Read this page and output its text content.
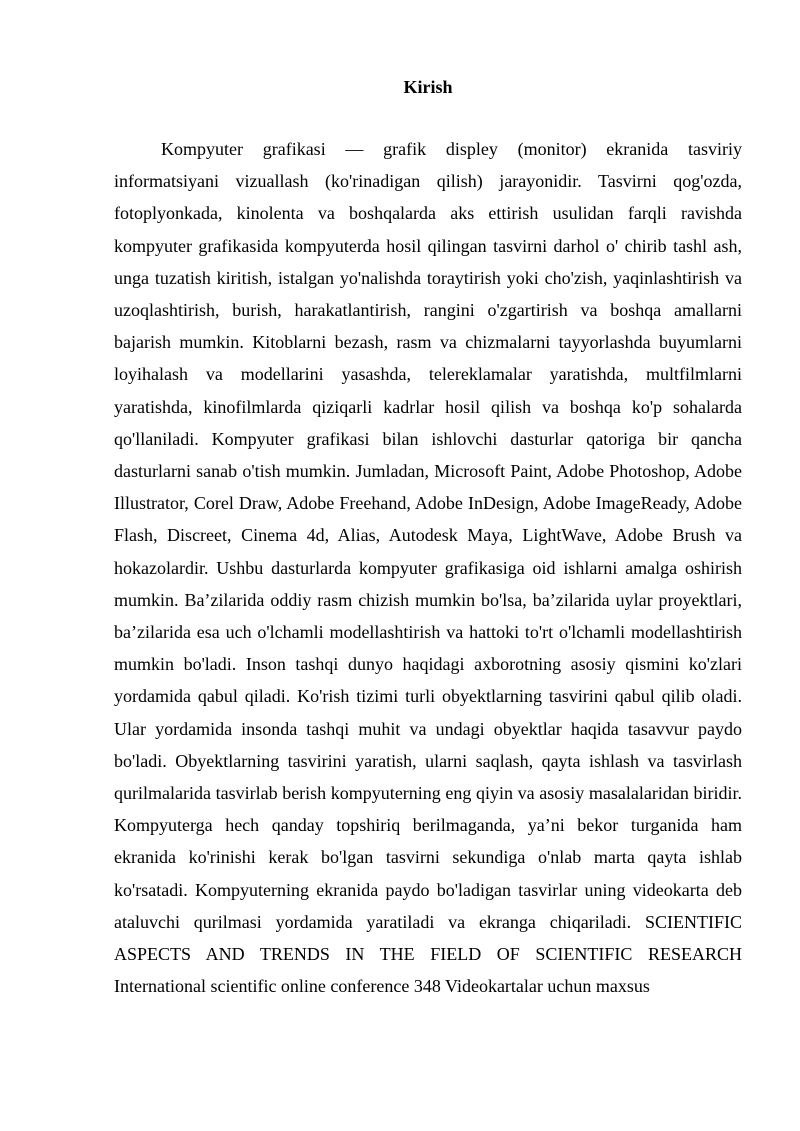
Kirish

Kompyuter grafikasi — grafik displey (monitor) ekranida tasviriy informatsiyani vizuallash (ko'rinadigan qilish) jarayonidir. Tasvirni qog'ozda, fotoplyonkada, kinolenta va boshqalarda aks ettirish usulidan farqli ravishda kompyuter grafikasida kompyuterda hosil qilingan tasvirni darhol o' chirib tashl ash, unga tuzatish kiritish, istalgan yo'nalishda toraytirish yoki cho'zish, yaqinlashtirish va uzoqlashtirish, burish, harakatlantirish, rangini o'zgartirish va boshqa amallarni bajarish mumkin. Kitoblarni bezash, rasm va chizmalarni tayyorlashda buyumlarni loyihalash va modellarini yasashda, telereklamalar yaratishda, multfilmlarni yaratishda, kinofilmlarda qiziqarli kadrlar hosil qilish va boshqa ko'p sohalarda qo'llaniladi. Kompyuter grafikasi bilan ishlovchi dasturlar qatoriga bir qancha dasturlarni sanab o'tish mumkin. Jumladan, Microsoft Paint, Adobe Photoshop, Adobe Illustrator, Corel Draw, Adobe Freehand, Adobe InDesign, Adobe ImageReady, Adobe Flash, Discreet, Cinema 4d, Alias, Autodesk Maya, LightWave, Adobe Brush va hokazolardir. Ushbu dasturlarda kompyuter grafikasiga oid ishlarni amalga oshirish mumkin. Ba’zilarida oddiy rasm chizish mumkin bo'lsa, ba’zilarida uylar proyektlari, ba’zilarida esa uch o'lchamli modellashtirish va hattoki to'rt o'lchamli modellashtirish mumkin bo'ladi. Inson tashqi dunyo haqidagi axborotning asosiy qismini ko'zlari yordamida qabul qiladi. Ko'rish tizimi turli obyektlarning tasvirini qabul qilib oladi. Ular yordamida insonda tashqi muhit va undagi obyektlar haqida tasavvur paydo bo'ladi. Obyektlarning tasvirini yaratish, ularni saqlash, qayta ishlash va tasvirlash qurilmalarida tasvirlab berish kompyuterning eng qiyin va asosiy masalalaridan biridir. Kompyuterga hech qanday topshiriq berilmaganda, ya’ni bekor turganida ham ekranida ko'rinishi kerak bo'lgan tasvirni sekundiga o'nlab marta qayta ishlab ko'rsatadi. Kompyuterning ekranida paydo bo'ladigan tasvirlar uning videokarta deb ataluvchi qurilmasi yordamida yaratiladi va ekranga chiqariladi. SCIENTIFIC ASPECTS AND TRENDS IN THE FIELD OF SCIENTIFIC RESEARCH International scientific online conference 348 Videokartalar uchun maxsus
